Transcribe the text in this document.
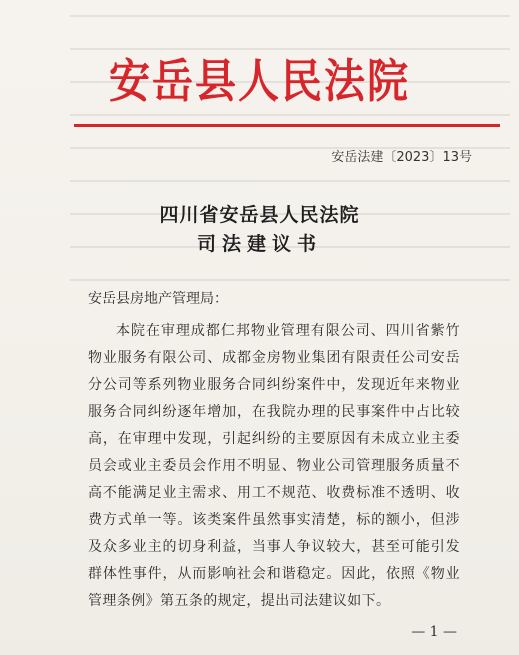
安岳县人民法院
安岳法建〔2023〕13号
四川省安岳县人民法院
司法建议书
安岳县房地产管理局：
本院在审理成都仁邦物业管理有限公司、四川省紫竹物业服务有限公司、成都金房物业集团有限责任公司安岳分公司等系列物业服务合同纠纷案件中，发现近年来物业服务合同纠纷逐年增加，在我院办理的民事案件中占比较高，在审理中发现，引起纠纷的主要原因有未成立业主委员会或业主委员会作用不明显、物业公司管理服务质量不高不能满足业主需求、用工不规范、收费标准不透明、收费方式单一等。该类案件虽然事实清楚，标的额小，但涉及众多业主的切身利益，当事人争议较大，甚至可能引发群体性事件，从而影响社会和谐稳定。因此，依照《物业管理条例》第五条的规定，提出司法建议如下。
— 1 —
